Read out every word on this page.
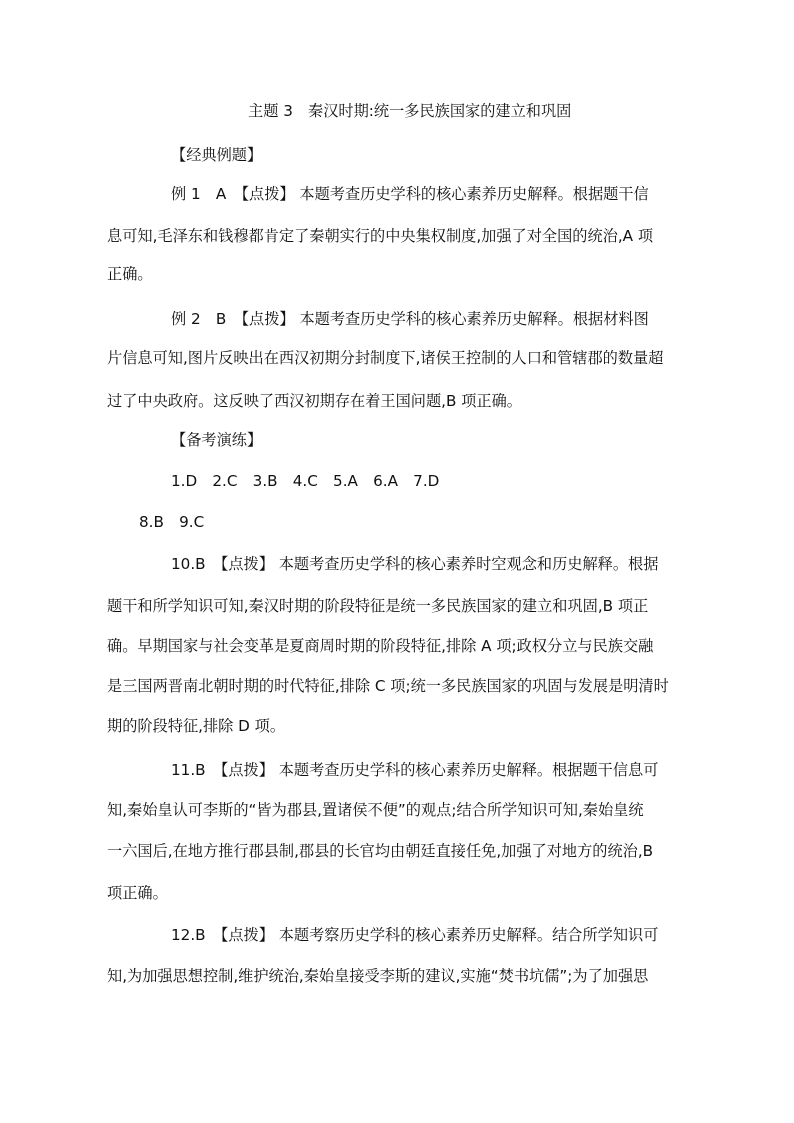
主题 3　秦汉时期:统一多民族国家的建立和巩固
【经典例题】
例 1　A　【点拨】 本题考查历史学科的核心素养历史解释。根据题干信
息可知,毛泽东和钱穆都肯定了秦朝实行的中央集权制度,加强了对全国的统治,A 项
正确。
例 2　B　【点拨】 本题考查历史学科的核心素养历史解释。根据材料图
片信息可知,图片反映出在西汉初期分封制度下,诸侯王控制的人口和管辖郡的数量超
过了中央政府。这反映了西汉初期存在着王国问题,B 项正确。
【备考演练】
1.D　2.C　3.B　4.C　5.A　6.A　7.D
8.B　9.C
10.B　【点拨】 本题考查历史学科的核心素养时空观念和历史解释。根据
题干和所学知识可知,秦汉时期的阶段特征是统一多民族国家的建立和巩固,B 项正
确。早期国家与社会变革是夏商周时期的阶段特征,排除 A 项;政权分立与民族交融
是三国两晋南北朝时期的时代特征,排除 C 项;统一多民族国家的巩固与发展是明清时
期的阶段特征,排除 D 项。
11.B　【点拨】 本题考查历史学科的核心素养历史解释。根据题干信息可
知,秦始皇认可李斯的“皆为郡县,置诸侯不便”的观点;结合所学知识可知,秦始皇统
一六国后,在地方推行郡县制,郡县的长官均由朝廷直接任免,加强了对地方的统治,B
项正确。
12.B　【点拨】 本题考察历史学科的核心素养历史解释。结合所学知识可
知,为加强思想控制,维护统治,秦始皇接受李斯的建议,实施“焚书坑儒”;为了加强思
